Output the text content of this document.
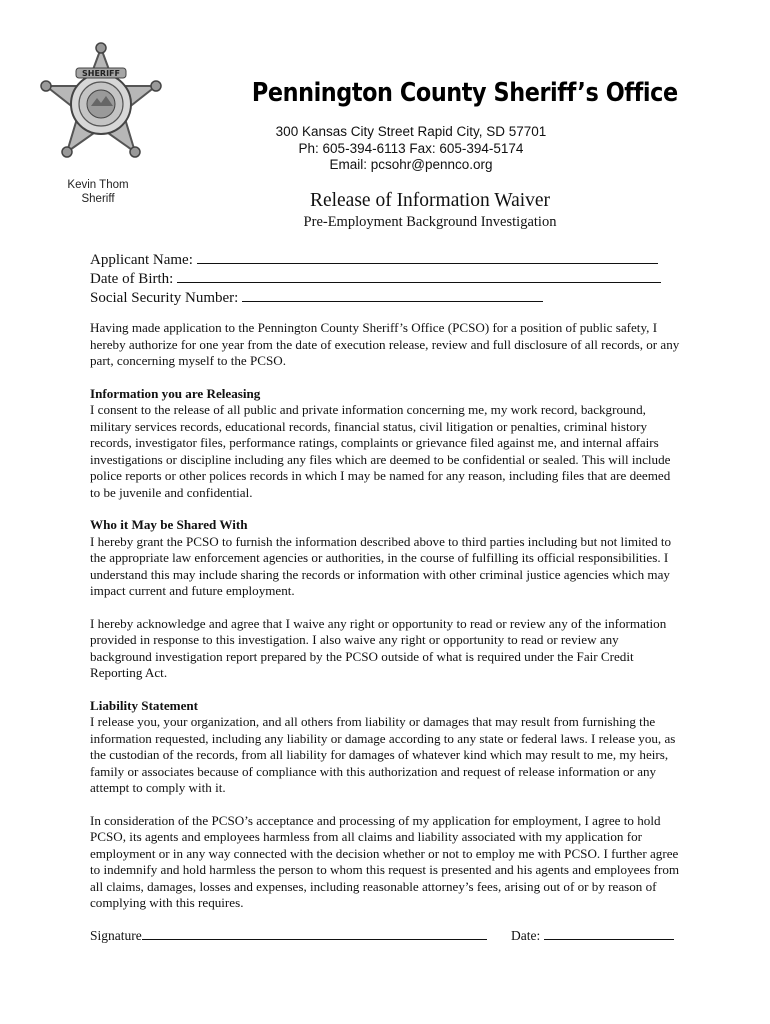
SHERIFF
Kevin Thom
Sheriff
Pennington County Sheriff’s Office
300 Kansas City Street Rapid City, SD 57701
Ph: 605-394-6113 Fax: 605-394-5174
Email: pcsohr@pennco.org
Release of Information Waiver
Pre-Employment Background Investigation
Applicant Name:
Date of Birth:
Social Security Number:

Having made application to the Pennington County Sheriff’s Office (PCSO) for a position of public safety, I hereby authorize for one year from the date of execution release, review and full disclosure of all records, or any part, concerning myself to the PCSO.

Information you are Releasing

I consent to the release of all public and private information concerning me, my work record, background, military services records, educational records, financial status, civil litigation or penalties, criminal history records, investigator files, performance ratings, complaints or grievance filed against me, and internal affairs investigations or discipline including any files which are deemed to be confidential or sealed. This will include police reports or other polices records in which I may be named for any reason, including files that are deemed to be juvenile and confidential.

Who it May be Shared With

I hereby grant the PCSO to furnish the information described above to third parties including but not limited to the appropriate law enforcement agencies or authorities, in the course of fulfilling its official responsibilities. I understand this may include sharing the records or information with other criminal justice agencies which may impact current and future employment.

I hereby acknowledge and agree that I waive any right or opportunity to read or review any of the information provided in response to this investigation. I also waive any right or opportunity to read or review any background investigation report prepared by the PCSO outside of what is required under the Fair Credit Reporting Act.

Liability Statement

I release you, your organization, and all others from liability or damages that may result from furnishing the information requested, including any liability or damage according to any state or federal laws. I release you, as the custodian of the records, from all liability for damages of whatever kind which may result to me, my heirs, family or associates because of compliance with this authorization and request of release information or any attempt to comply with it.

In consideration of the PCSO’s acceptance and processing of my application for employment, I agree to hold PCSO, its agents and employees harmless from all claims and liability associated with my application for employment or in any way connected with the decision whether or not to employ me with PCSO. I further agree to indemnify and hold harmless the person to whom this request is presented and his agents and employees from all claims, damages, losses and expenses, including reasonable attorney’s fees, arising out of or by reason of complying with this requires.

Signature	Date:
